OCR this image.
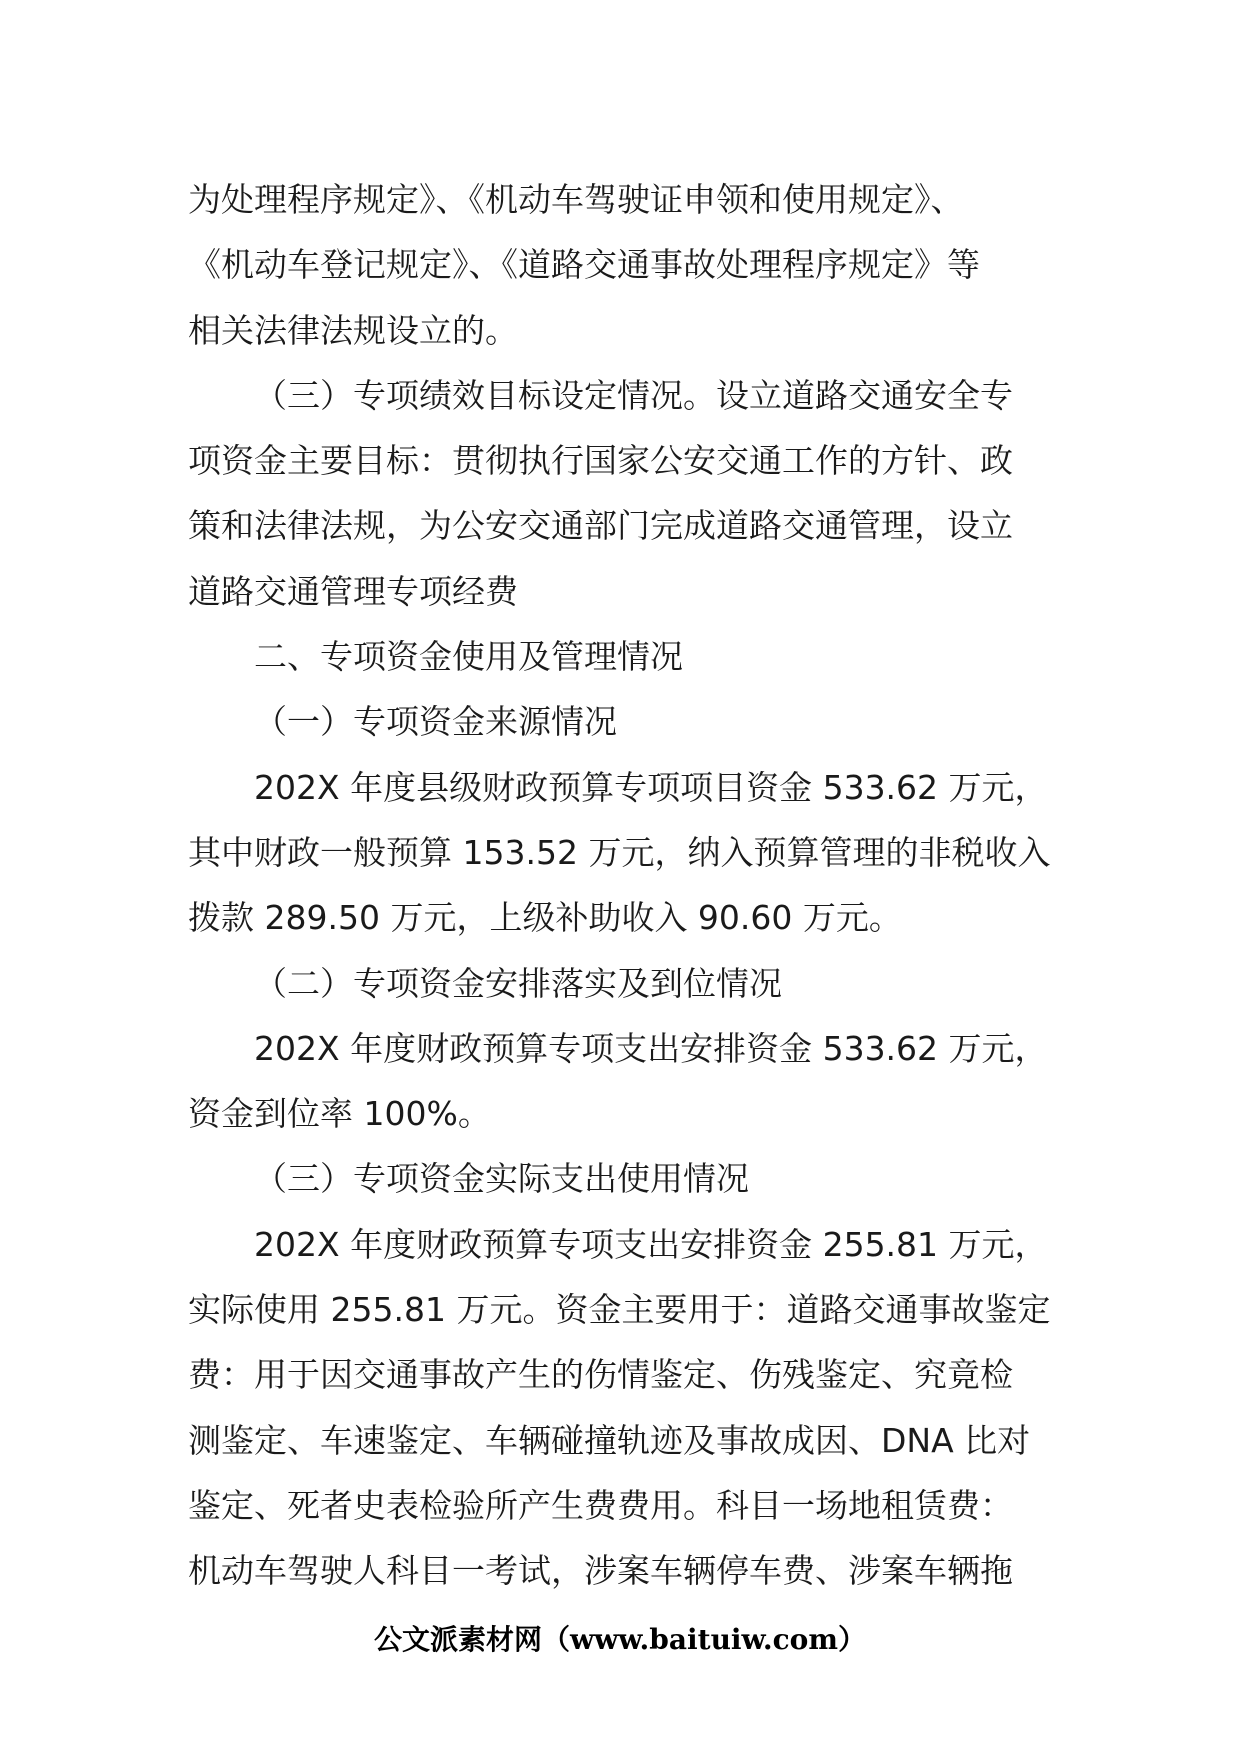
为处理程序规定》、《机动车驾驶证申领和使用规定》、

《机动车登记规定》、《道路交通事故处理程序规定》等

相关法律法规设立的。

（三）专项绩效目标设定情况。设立道路交通安全专

项资金主要目标：贯彻执行国家公安交通工作的方针、政

策和法律法规，为公安交通部门完成道路交通管理，设立

道路交通管理专项经费

二、专项资金使用及管理情况

（一）专项资金来源情况

202X 年度县级财政预算专项项目资金 533.62 万元，

其中财政一般预算 153.52 万元，纳入预算管理的非税收入

拨款 289.50 万元，上级补助收入 90.60 万元。

（二）专项资金安排落实及到位情况

202X 年度财政预算专项支出安排资金 533.62 万元，

资金到位率 100%。

（三）专项资金实际支出使用情况

202X 年度财政预算专项支出安排资金 255.81 万元，

实际使用 255.81 万元。资金主要用于：道路交通事故鉴定

费：用于因交通事故产生的伤情鉴定、伤残鉴定、究竟检

测鉴定、车速鉴定、车辆碰撞轨迹及事故成因、DNA 比对

鉴定、死者史表检验所产生费费用。科目一场地租赁费：

机动车驾驶人科目一考试，涉案车辆停车费、涉案车辆拖

公文派素材网（www.baituiw.com）
